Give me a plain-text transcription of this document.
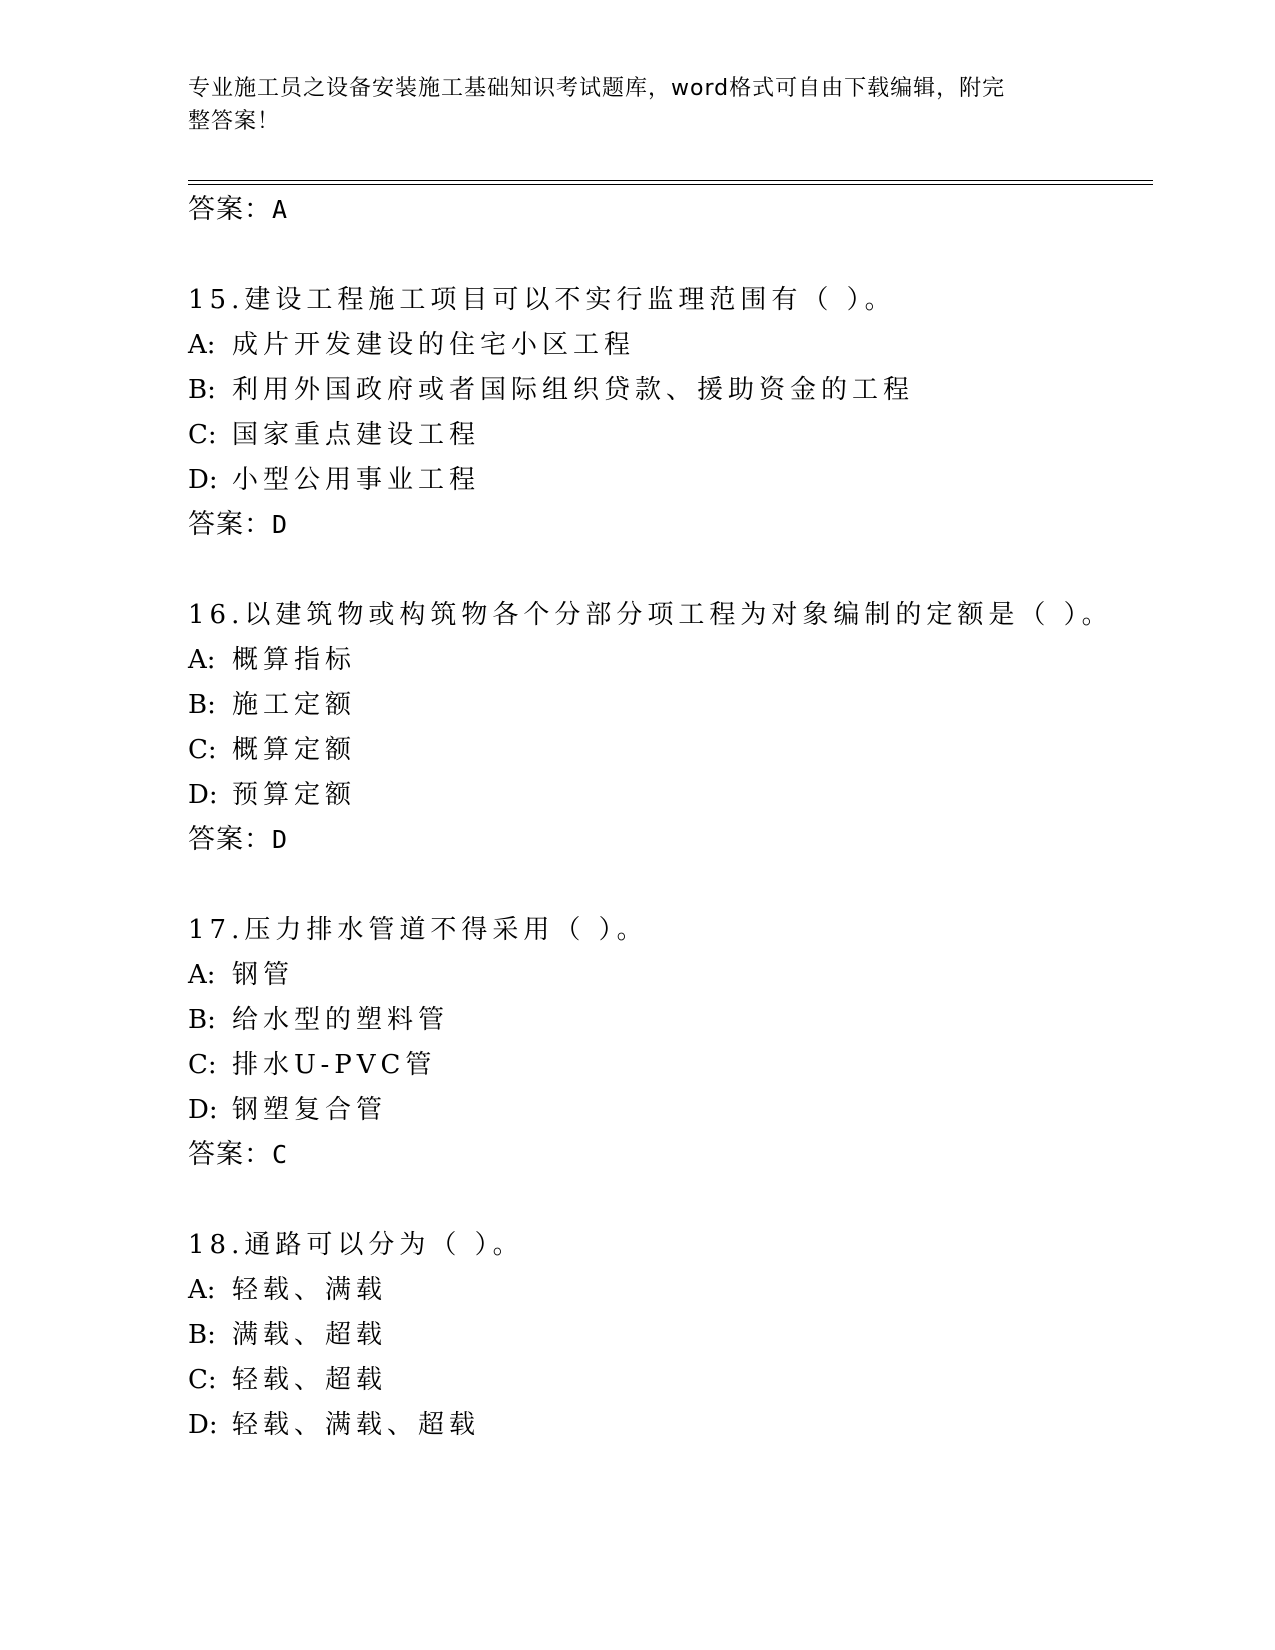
专业施工员之设备安装施工基础知识考试题库，word格式可自由下载编辑，附完
整答案！
答案：A
15.建设工程施工项目可以不实行监理范围有（ ）。
A: 成片开发建设的住宅小区工程
B: 利用外国政府或者国际组织贷款、援助资金的工程
C: 国家重点建设工程
D: 小型公用事业工程
答案：D
16.以建筑物或构筑物各个分部分项工程为对象编制的定额是（ ）。
A: 概算指标
B: 施工定额
C: 概算定额
D: 预算定额
答案：D
17.压力排水管道不得采用（ ）。
A: 钢管
B: 给水型的塑料管
C: 排水U-PVC管
D: 钢塑复合管
答案：C
18.通路可以分为（ ）。
A: 轻载、满载
B: 满载、超载
C: 轻载、超载
D: 轻载、满载、超载
